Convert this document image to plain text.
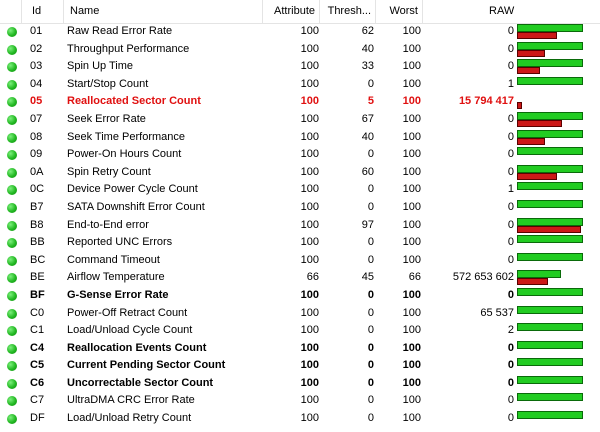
Id	Name	Attribute	Thresh...	Worst	RAW
01	Raw Read Error Rate	100	62	100	0
02	Throughput Performance	100	40	100	0
03	Spin Up Time	100	33	100	0
04	Start/Stop Count	100	0	100	1
05	Reallocated Sector Count	100	5	100	15 794 417
07	Seek Error Rate	100	67	100	0
08	Seek Time Performance	100	40	100	0
09	Power-On Hours Count	100	0	100	0
0A	Spin Retry Count	100	60	100	0
0C	Device Power Cycle Count	100	0	100	1
B7	SATA Downshift Error Count	100	0	100	0
B8	End-to-End error	100	97	100	0
BB	Reported UNC Errors	100	0	100	0
BC	Command Timeout	100	0	100	0
BE	Airflow Temperature	66	45	66	572 653 602
BF	G-Sense Error Rate	100	0	100	0
C0	Power-Off Retract Count	100	0	100	65 537
C1	Load/Unload Cycle Count	100	0	100	2
C4	Reallocation Events Count	100	0	100	0
C5	Current Pending Sector Count	100	0	100	0
C6	Uncorrectable Sector Count	100	0	100	0
C7	UltraDMA CRC Error Rate	100	0	100	0
DF	Load/Unload Retry Count	100	0	100	0
